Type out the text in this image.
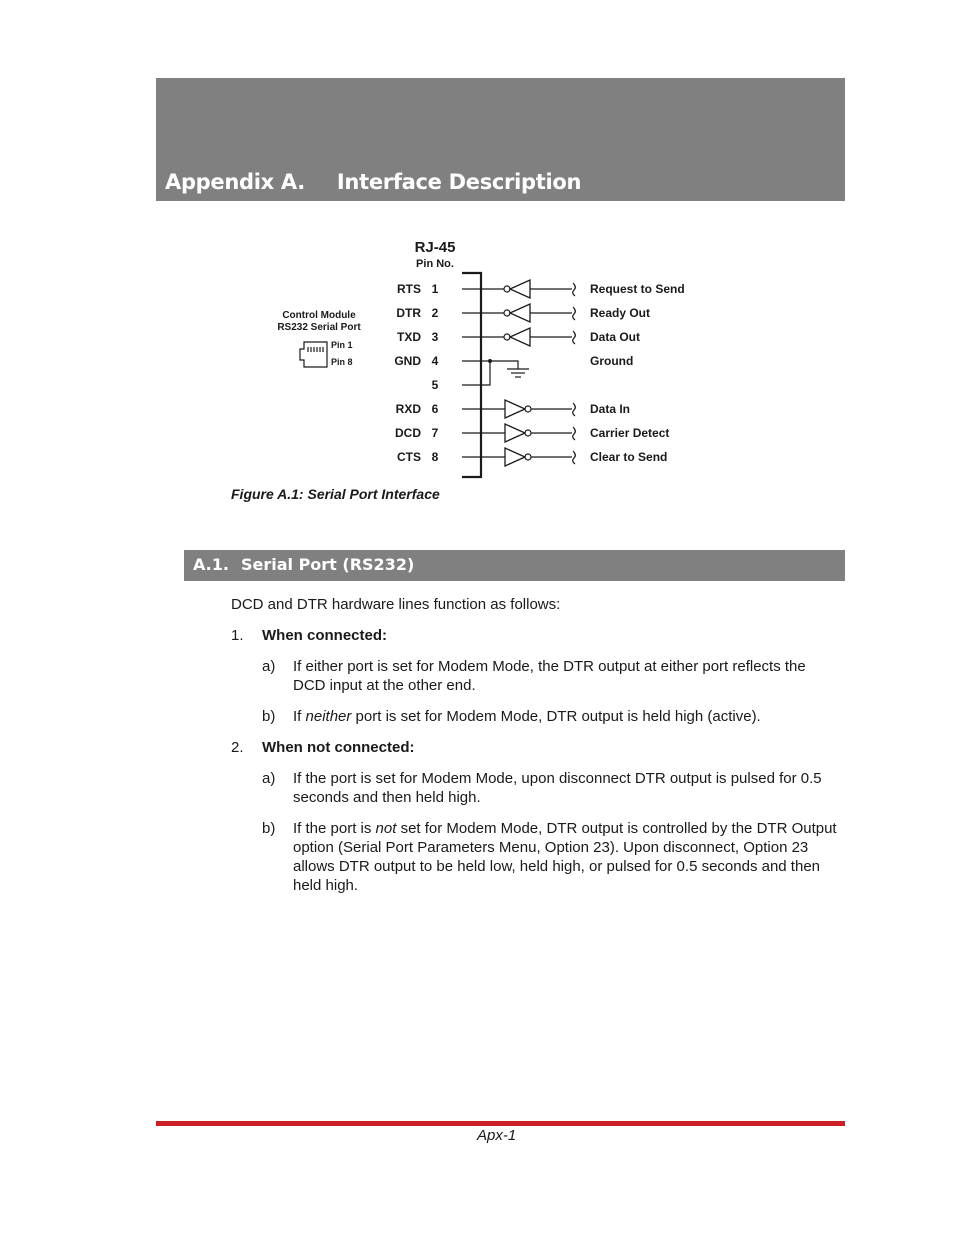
Appendix A. Interface Description
RJ-45
Pin No.
Control Module
RS232 Serial Port
Pin 1
Pin 8
RTS 1	Request to Send
DTR 2	Ready Out
TXD 3	Data Out
GND 4	Ground
5
RXD 6	Data In
DCD 7	Carrier Detect
CTS 8	Clear to Send
Figure A.1: Serial Port Interface
A.1. Serial Port (RS232)
DCD and DTR hardware lines function as follows:
1. When connected:
a) If either port is set for Modem Mode, the DTR output at either port reflects the DCD input at the other end.
b) If neither port is set for Modem Mode, DTR output is held high (active).
2. When not connected:
a) If the port is set for Modem Mode, upon disconnect DTR output is pulsed for 0.5 seconds and then held high.
b) If the port is not set for Modem Mode, DTR output is controlled by the DTR Output option (Serial Port Parameters Menu, Option 23). Upon disconnect, Option 23 allows DTR output to be held low, held high, or pulsed for 0.5 seconds and then held high.
Apx-1
